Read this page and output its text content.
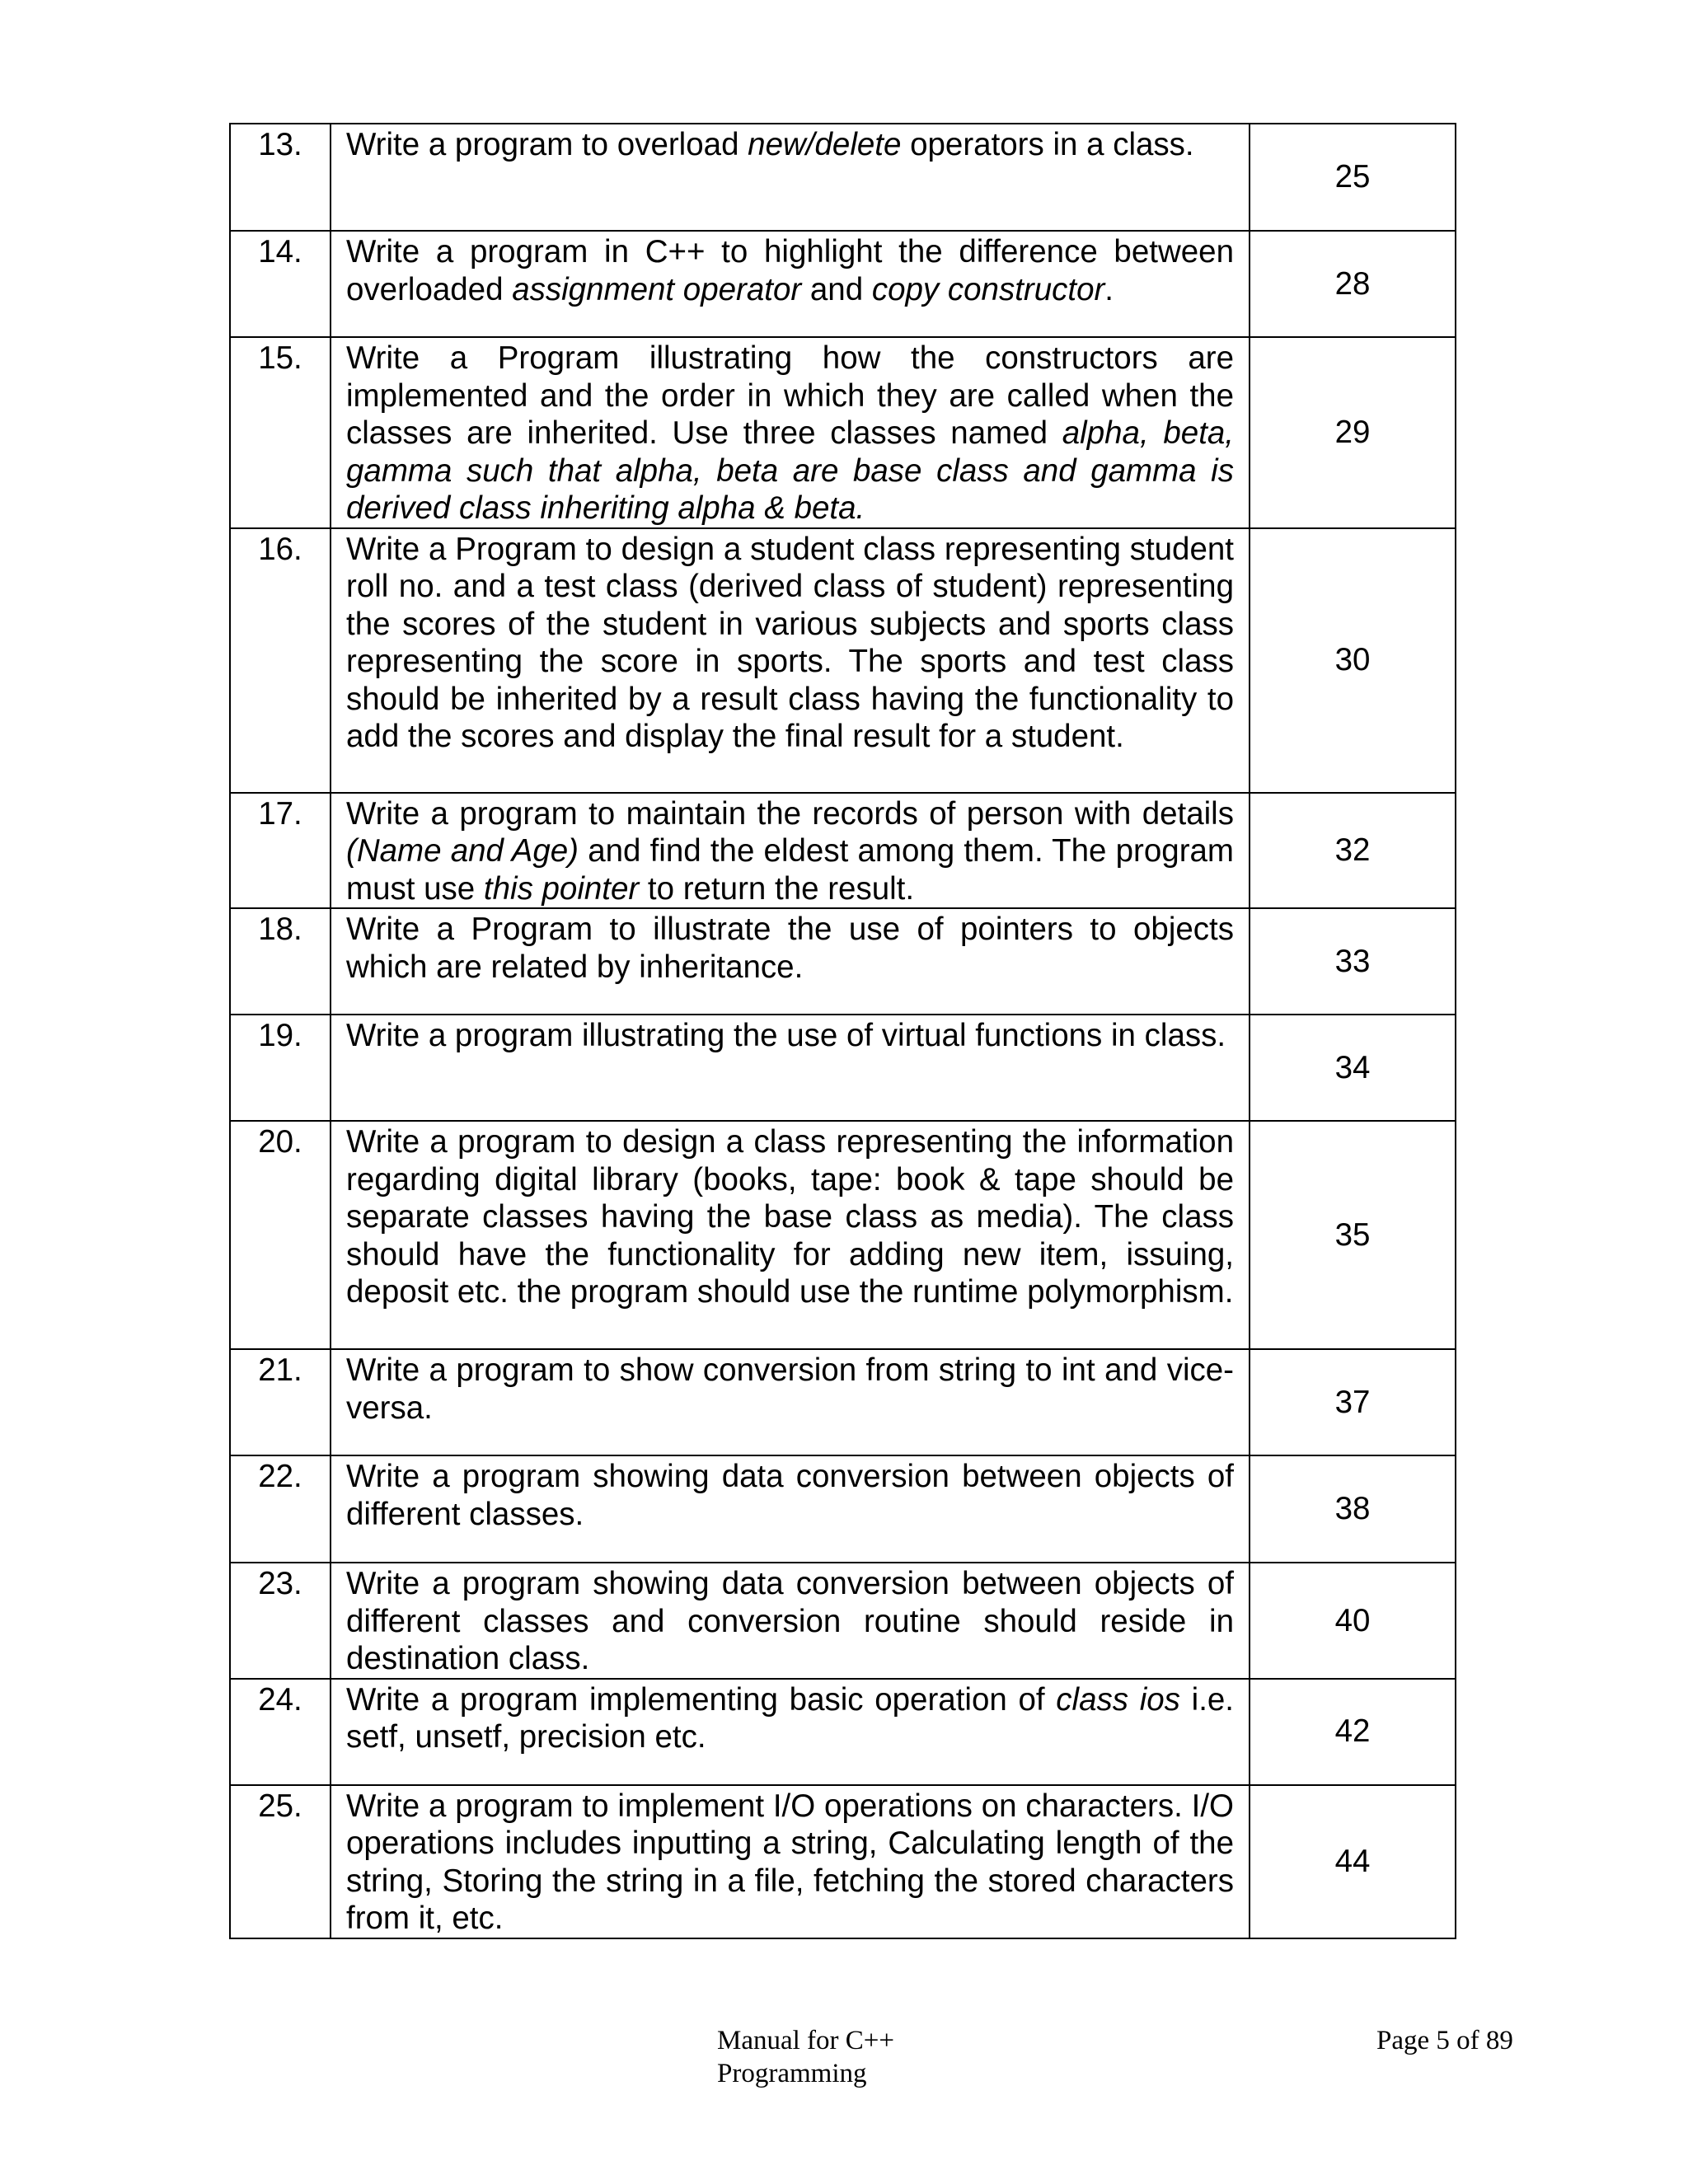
13.	Write a program to overload new/delete operators in a class.	25
14.	Write a program in C++ to highlight the difference between overloaded assignment operator and copy constructor.	28
15.	Write a Program illustrating how the constructors are implemented and the order in which they are called when the classes are inherited. Use three classes named alpha, beta, gamma such that alpha, beta are base class and gamma is derived class inheriting alpha & beta.	29
16.	Write a Program to design a student class representing student roll no. and a test class (derived class of student) representing the scores of the student in various subjects and sports class representing the score in sports. The sports and test class should be inherited by a result class having the functionality to add the scores and display the final result for a student.	30
17.	Write a program to maintain the records of person with details (Name and Age) and find the eldest among them. The program must use this pointer to return the result.	32
18.	Write a Program to illustrate the use of pointers to objects which are related by inheritance.	33
19.	Write a program illustrating the use of virtual functions in class.	34
20.	Write a program to design a class representing the information regarding digital library (books, tape: book & tape should be separate classes having the base class as media). The class should have the functionality for adding new item, issuing, deposit etc. the program should use the runtime polymorphism.	35
21.	Write a program to show conversion from string to int and vice-versa.	37
22.	Write a program showing data conversion between objects of different classes.	38
23.	Write a program showing data conversion between objects of different classes and conversion routine should reside in destination class.	40
24.	Write a program implementing basic operation of class ios i.e. setf, unsetf, precision etc.	42
25.	Write a program to implement I/O operations on characters. I/O operations includes inputting a string, Calculating length of the string, Storing the string in a file, fetching the stored characters from it, etc.	44
Manual for C++ Programming
Page 5 of 89
